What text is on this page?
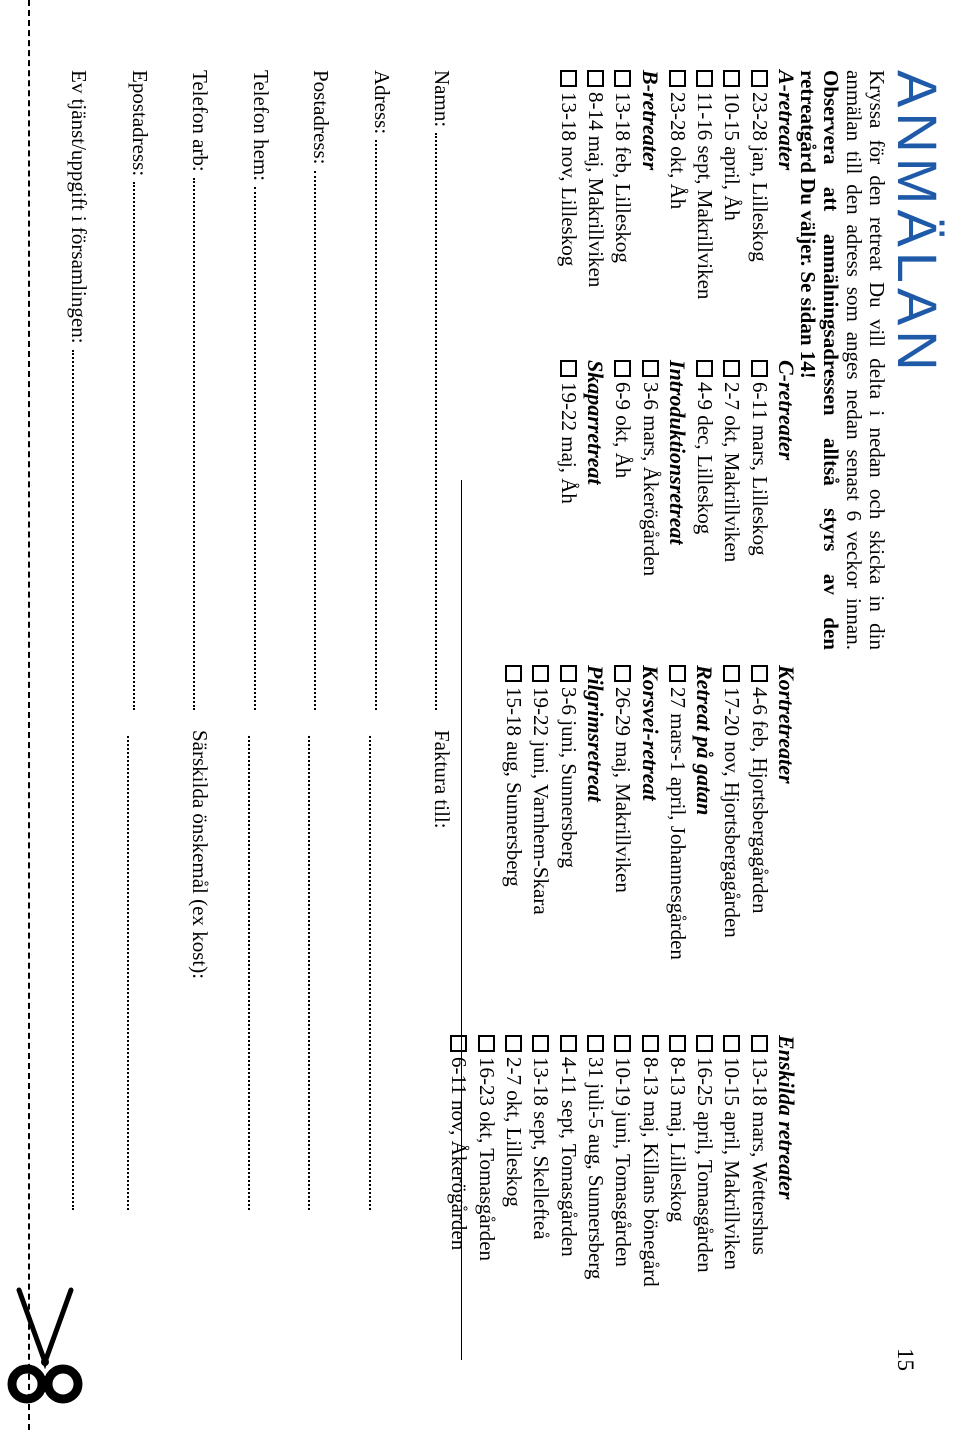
ANMÄLAN
15

Kryssa för den retreat Du vill delta i nedan och skicka in din anmälan till den adress som anges nedan senast 6 veckor innan. Observera att anmälningsadressen alltså styrs av den retreatgård Du väljer. Se sidan 14!

A-retreater
23-28 jan, Lilleskog
10-15 april, Åh
11-16 sept, Makrillviken
23-28 okt, Åh
B-retreater
13-18 feb, Lilleskog
8-14 maj, Makrillviken
13-18 nov, Lilleskog
C-retreater
6-11 mars, Lilleskog
2-7 okt, Makrillviken
4-9 dec, Lilleskog
Introduktionsretreat
3-6 mars, Åkerögården
6-9 okt, Åh
Skaparretreat
19-22 maj, Åh
Kortretreater
4-6 feb, Hjortsbergagården
17-20 nov, Hjortsbergagården
Retreat på gatan
27 mars-1 april, Johannesgården
Korsvei-retreat
26-29 maj, Makrillviken
Pilgrimsretreat
3-6 juni, Sunnersberg
19-22 juni, Varnhem-Skara
15-18 aug, Sunnersberg
Enskilda retreater
13-18 mars, Wettershus
10-15 april, Makrillviken
16-25 april, Tomasgården
8-13 maj, Lilleskog
8-13 maj, Killans bönegård
10-19 juni, Tomasgården
31 juli-5 aug, Sunnersberg
4-11 sept, Tomasgården
13-18 sept, Skellefteå
2-7 okt, Lilleskog
16-23 okt, Tomasgården
6-11 nov, Åkerögården
Namn:
Faktura till:
Adress:
Postadress:
Telefon hem:
Telefon arb:
Särskilda önskemål (ex kost):
Epostadress:
Ev tjänst/uppgift i församlingen:
